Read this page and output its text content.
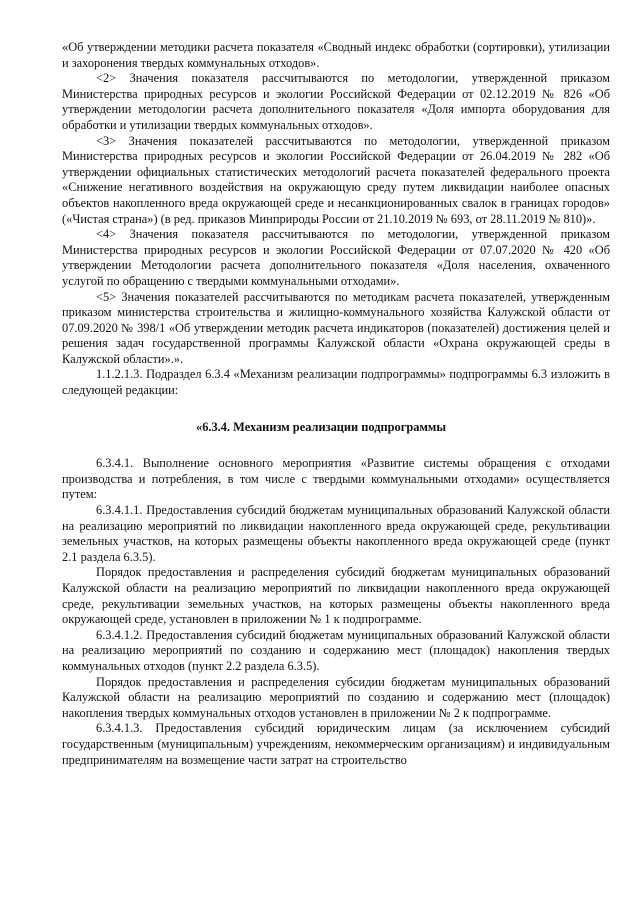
«Об утверждении методики расчета показателя «Сводный индекс обработки (сортировки), утилизации и захоронения твердых коммунальных отходов».

<2> Значения показателя рассчитываются по методологии, утвержденной приказом Министерства природных ресурсов и экологии Российской Федерации от 02.12.2019 № 826 «Об утверждении методологии расчета дополнительного показателя «Доля импорта оборудования для обработки и утилизации твердых коммунальных отходов».

<3> Значения показателей рассчитываются по методологии, утвержденной приказом Министерства природных ресурсов и экологии Российской Федерации от 26.04.2019 № 282 «Об утверждении официальных статистических методологий расчета показателей федерального проекта «Снижение негативного воздействия на окружающую среду путем ликвидации наиболее опасных объектов накопленного вреда окружающей среде и несанкционированных свалок в границах городов» («Чистая страна») (в ред. приказов Минприроды России от 21.10.2019 № 693, от 28.11.2019 № 810)».

<4> Значения показателя рассчитываются по методологии, утвержденной приказом Министерства природных ресурсов и экологии Российской Федерации от 07.07.2020 № 420 «Об утверждении Методологии расчета дополнительного показателя «Доля населения, охваченного услугой по обращению с твердыми коммунальными отходами».

<5> Значения показателей рассчитываются по методикам расчета показателей, утвержденным приказом министерства строительства и жилищно-коммунального хозяйства Калужской области от 07.09.2020 № 398/1 «Об утверждении методик расчета индикаторов (показателей) достижения целей и решения задач государственной программы Калужской области «Охрана окружающей среды в Калужской области».».

1.1.2.1.3. Подраздел 6.3.4 «Механизм реализации подпрограммы» подпрограммы 6.3 изложить в следующей редакции:

«6.3.4. Механизм реализации подпрограммы

6.3.4.1. Выполнение основного мероприятия «Развитие системы обращения с отходами производства и потребления, в том числе с твердыми коммунальными отходами» осуществляется путем:

6.3.4.1.1. Предоставления субсидий бюджетам муниципальных образований Калужской области на реализацию мероприятий по ликвидации накопленного вреда окружающей среде, рекультивации земельных участков, на которых размещены объекты накопленного вреда окружающей среде (пункт 2.1 раздела 6.3.5).

Порядок предоставления и распределения субсидий бюджетам муниципальных образований Калужской области на реализацию мероприятий по ликвидации накопленного вреда окружающей среде, рекультивации земельных участков, на которых размещены объекты накопленного вреда окружающей среде, установлен в приложении № 1 к подпрограмме.

6.3.4.1.2. Предоставления субсидий бюджетам муниципальных образований Калужской области на реализацию мероприятий по созданию и содержанию мест (площадок) накопления твердых коммунальных отходов (пункт 2.2 раздела 6.3.5).

Порядок предоставления и распределения субсидии бюджетам муниципальных образований Калужской области на реализацию мероприятий по созданию и содержанию мест (площадок) накопления твердых коммунальных отходов установлен в приложении № 2 к подпрограмме.

6.3.4.1.3. Предоставления субсидий юридическим лицам (за исключением субсидий государственным (муниципальным) учреждениям, некоммерческим организациям) и индивидуальным предпринимателям на возмещение части затрат на строительство
